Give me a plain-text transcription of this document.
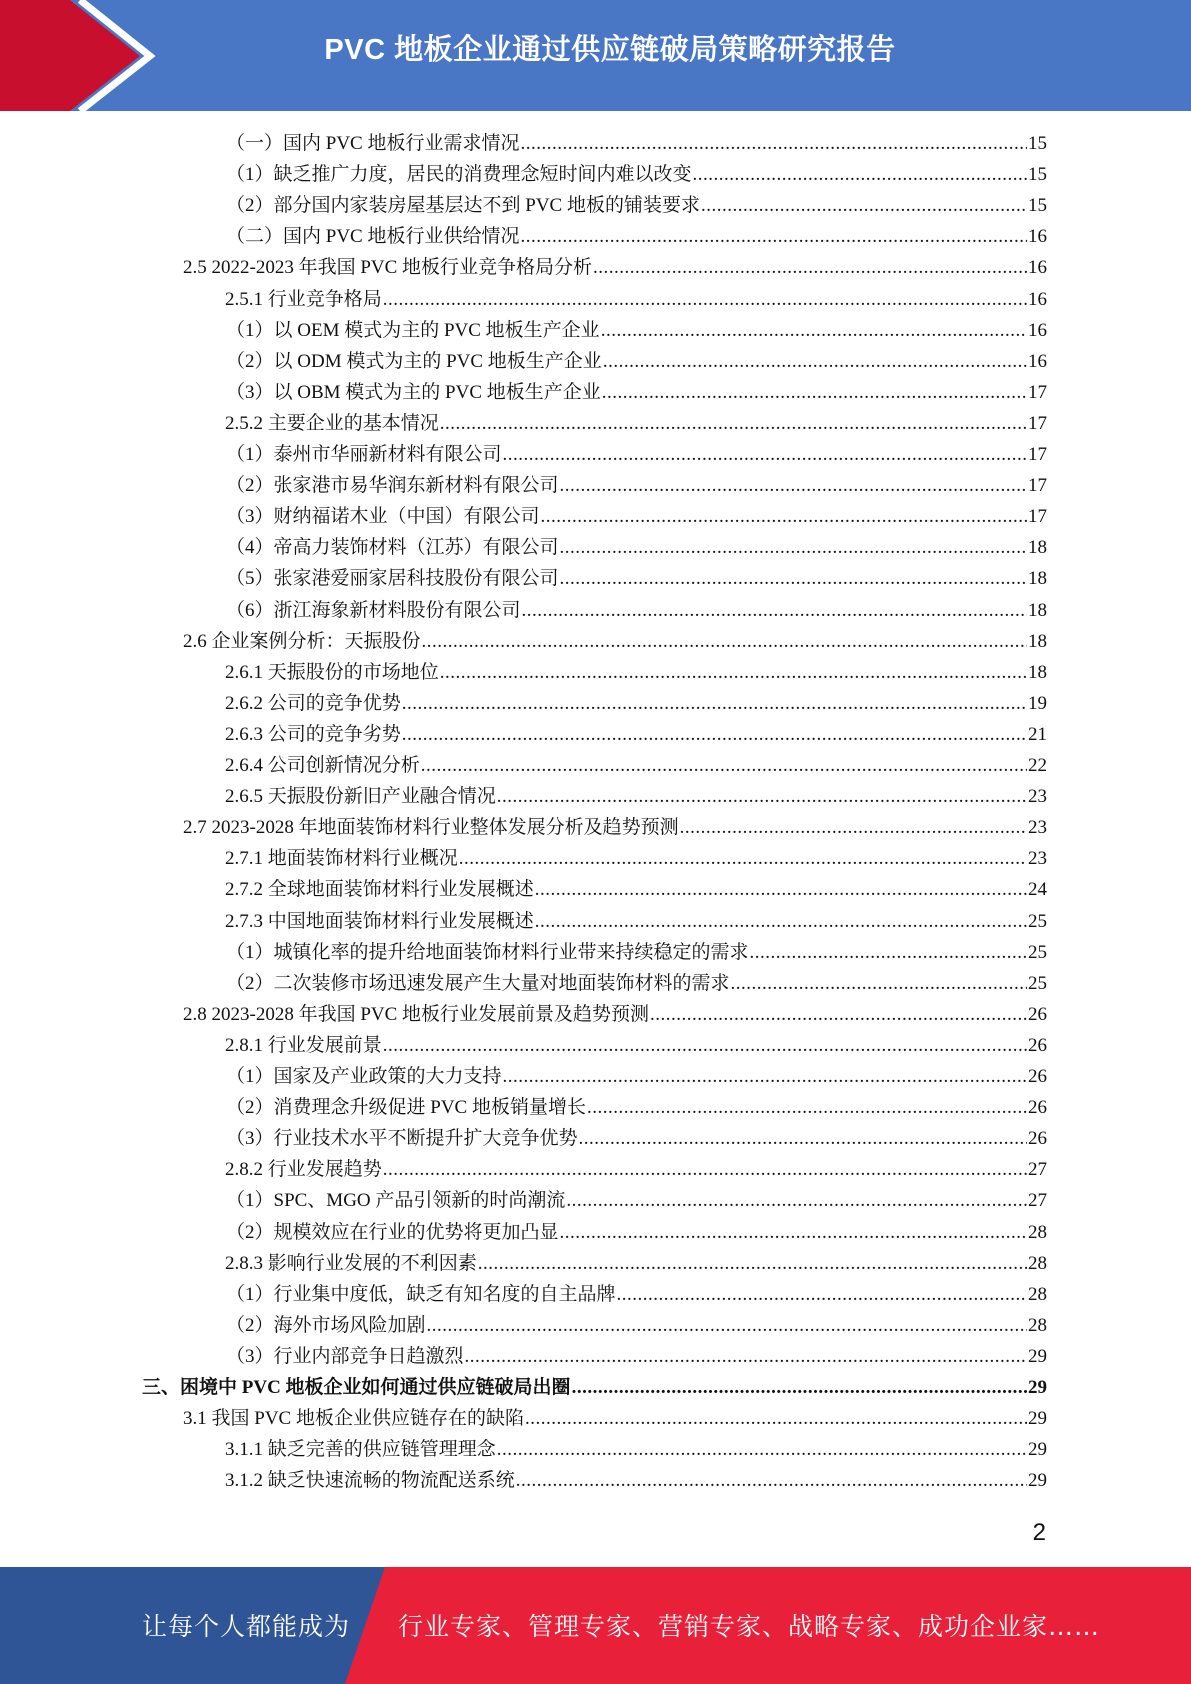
PVC 地板企业通过供应链破局策略研究报告
（一）国内 PVC 地板行业需求情况 .....	15
（1）缺乏推广力度，居民的消费理念短时间内难以改变 .....	15
（2）部分国内家装房屋基层达不到 PVC 地板的铺装要求 .....	15
（二）国内 PVC 地板行业供给情况 .....	16
2.5 2022-2023 年我国 PVC 地板行业竞争格局分析 .....	16
2.5.1 行业竞争格局 .....	16
（1）以 OEM 模式为主的 PVC 地板生产企业 .....	16
（2）以 ODM 模式为主的 PVC 地板生产企业 .....	16
（3）以 OBM 模式为主的 PVC 地板生产企业 .....	17
2.5.2 主要企业的基本情况 .....	17
（1）泰州市华丽新材料有限公司 .....	17
（2）张家港市易华润东新材料有限公司 .....	17
（3）财纳福诺木业（中国）有限公司 .....	17
（4）帝高力装饰材料（江苏）有限公司 .....	18
（5）张家港爱丽家居科技股份有限公司 .....	18
（6）浙江海象新材料股份有限公司 .....	18
2.6 企业案例分析：天振股份 .....	18
2.6.1 天振股份的市场地位 .....	18
2.6.2 公司的竞争优势 .....	19
2.6.3 公司的竞争劣势 .....	21
2.6.4 公司创新情况分析 .....	22
2.6.5 天振股份新旧产业融合情况 .....	23
2.7 2023-2028 年地面装饰材料行业整体发展分析及趋势预测 .....	23
2.7.1 地面装饰材料行业概况 .....	23
2.7.2 全球地面装饰材料行业发展概述 .....	24
2.7.3 中国地面装饰材料行业发展概述 .....	25
（1）城镇化率的提升给地面装饰材料行业带来持续稳定的需求 .....	25
（2）二次装修市场迅速发展产生大量对地面装饰材料的需求 .....	25
2.8 2023-2028 年我国 PVC 地板行业发展前景及趋势预测 .....	26
2.8.1 行业发展前景 .....	26
（1）国家及产业政策的大力支持 .....	26
（2）消费理念升级促进 PVC 地板销量增长 .....	26
（3）行业技术水平不断提升扩大竞争优势 .....	26
2.8.2 行业发展趋势 .....	27
（1）SPC、MGO 产品引领新的时尚潮流 .....	27
（2）规模效应在行业的优势将更加凸显 .....	28
2.8.3 影响行业发展的不利因素 .....	28
（1）行业集中度低，缺乏有知名度的自主品牌 .....	28
（2）海外市场风险加剧 .....	28
（3）行业内部竞争日趋激烈 .....	29
三、困境中 PVC 地板企业如何通过供应链破局出圈 .....	29
3.1 我国 PVC 地板企业供应链存在的缺陷 .....	29
3.1.1 缺乏完善的供应链管理理念 .....	29
3.1.2 缺乏快速流畅的物流配送系统 .....	29
2
让每个人都能成为 行业专家、管理专家、营销专家、战略专家、成功企业家……
